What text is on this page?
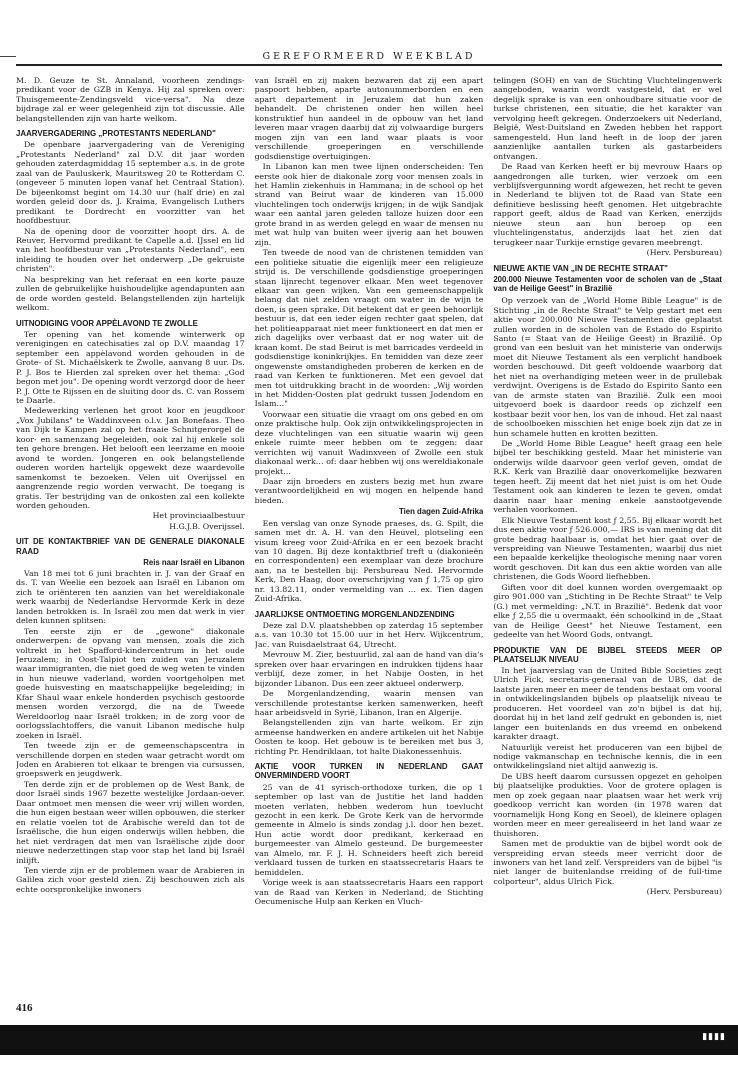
GEREFORMEERD WEEKBLAD

M. D. Geuze te St. Annaland, voorheen zendings-predikant voor de GZB in Kenya. Hij zal spreken over: Thuisgemeente-Zendingsveld vice-versa". Na deze bijdrage zal er weer gelegenheid zijn tot discussie. Alle belangstellenden zijn van harte welkom.

JAARVERGADERING „PROTESTANTS NEDERLAND"

De openbare jaarvergadering van de Vereniging „Protestants Nederland" zal D.V. dit jaar worden gehouden zaterdagmiddag 15 september a.s. in de grote zaal van de Pauluskerk, Mauritsweg 20 te Rotterdam C. (ongeveer 5 minuten lopen vanaf het Centraal Station). De bijeenkomst begint om 14.30 uur (half drie) en zal worden geleid door ds. J. Kraima, Evangelisch Luthers predikant te Dordrecht en voorzitter van het hoofdbestuur.

Na de opening door de voorzitter hoopt drs. A. de Reuver, Hervormd predikant te Capelle a.d. IJssel en lid van het hoofdbestuur van „Protestants Nederland", een inleiding te houden over het onderwerp „De gekruiste christen".

Na bespreking van het referaat en een korte pauze zullen de gebruikelijke huishoudelijke agendapunten aan de orde worden gesteld. Belangstellenden zijn hartelijk welkom.

UITNODIGING VOOR APPÈLAVOND TE ZWOLLE

Ter opening van het komende winterwerk op verenigingen en catechisaties zal op D.V. maandag 17 september een appèlavond worden gehouden in de Grote- of St. Michaëlskerk te Zwolle, aanvang 8 uur. Ds. P. J. Bos te Hierden zal spreken over het thema: „God begon met jou". De opening wordt verzorgd door de heer P. J. Otte te Rijssen en de sluiting door ds. C. van Rossem te Daarle.

Medewerking verlenen het groot koor en jeugdkoor „Vox Jubilans" te Waddinxveen o.l.v. Jan Bonefaas. Theo van Dijk te Kampen zal op het fraaie Schnitgerorgel de koor- en samenzang begeleiden, ook zal hij enkele soli ten gehore brengen. Het belooft een leerzame en mooie avond te worden. Jongeren en ook belangstellende ouderen worden hartelijk opgewekt deze waardevolle samenkomst te bezoeken. Velen uit Overijssel en aangrenzende regio worden verwacht. De toegang is gratis. Ter bestrijding van de onkosten zal een kollekte worden gehouden.

Het provinciaalbestuur

H.G.J.B. Overijssel.

UIT DE KONTAKTBRIEF VAN DE GENERALE DIAKONALE RAAD
Reis naar Israël en Libanon

Van 18 mei tot 6 juni brachten ir. J. van der Graaf en ds. T. van Weelie een bezoek aan Israël en Libanon om zich te oriënteren ten aanzien van het wereldiakonale werk waarbij de Nederlandse Hervormde Kerk in deze landen betrokken is. In Israël zou men dat werk in vier delen kunnen splitsen:

Ten eerste zijn er de „gewone" diakonale onderwerpen: de opvang van mensen, zoals die zich voltrekt in het Spafford-kindercentrum in het oude Jeruzalem; in Oost-Talpiot ten zuiden van Jeruzalem waar immigranten, die niet goed de weg weten te vinden in hun nieuwe vaderland, worden voortgeholpen met goede huisvesting en maatschappelijke begeleiding; in Kfar Shaul waar enkele honderden psychisch gestoorde mensen worden verzorgd, die na de Tweede Wereldoorlog naar Israël trokken; in de zorg voor de oorlogsslachtoffers, die vanuit Libanon medische hulp zoeken in Israël.

Ten tweede zijn er de gemeenschapscentra in verschillende dorpen en steden waar getracht wordt om Joden en Arabieren tot elkaar te brengen via cursussen, groepswerk en jeugdwerk.

Ten derde zijn er de problemen op de West Bank, de door Israël sinds 1967 bezette westelijke Jordaan-oever. Daar ontmoet men mensen die weer vrij willen worden, die hun eigen bestaan weer willen opbouwen, die sterker en relatie voelen tot de Arabische wereld dan tot de Israëlische, die hun eigen onderwijs willen hebben, die het niet verdragen dat men van Israëlische zijde door nieuwe nederzettingen stap voor stap het land bij Israël inlijft.

Ten vierde zijn er de problemen waar de Arabieren in Galilea zich voor gesteld zien. Zij beschouwen zich als echte oorspronkelijke inwoners

van Israël en zij maken bezwaren dat zij een apart paspoort hebben, aparte autonummerborden en een apart departement in Jeruzalem dat hun zaken behandelt. De christenen onder hen willen heel konstruktief hun aandeel in de opbouw van het land leveren maar vragen daarbij dat zij volwaardige burgers mogen zijn van een land waar plaats is voor verschillende groeperingen en verschillende godsdienstige overtuigingen.

In Libanon kan men twee lijnen onderscheiden: Ten eerste ook hier de diakonale zorg voor mensen zoals in het Hamlin ziekenhuis in Hammana; in de school op het strand van Beirut waar de kinderen van 15.000 vluchtelingen toch onderwijs krijgen; in de wijk Sandjak waar een aantal jaren geleden talloze huizen door een grote brand in as werden gelegd en waar de mensen nu met wat hulp van buiten weer ijverig aan het bouwen zijn.

Ten tweede de nood van de christenen temidden van een politieke situatie die eigenlijk meer een religieuze strijd is. De verschillende godsdienstige groeperingen staan lijnrecht tegenover elkaar. Men weet tegenover elkaar van geen wijken. Van een gemeenschappelijk belang dat niet zelden vraagt om water in de wijn te doen, is geen sprake. Dit betekent dat er geen behoorlijk bestuur is, dat een ieder eigen rechter gaat spelen, dat het politieapparaat niet meer funktioneert en dat men er zich dagelijks over verbaast dat er nog water uit de kraan komt. De stad Beirut is met barricades verdeeld in godsdienstige koninkrijkjes. En temidden van deze zeer ongewenste omstandigheden proberen de kerken en de raad van Kerken te funktioneren. Met een gevoel dat men tot uitdrukking bracht in de woorden: „Wij worden in het Midden-Oosten plat gedrukt tussen Jodendom en Islam…"

Voorwaar een situatie die vraagt om ons gebed en om onze praktische hulp. Ook zijn ontwikkelingsprojecten in deze vluchtelingen van een situatie waarin wij geen enkele ruimte meer hebben om te zeggen: daar verrichten wij vanuit Wadinxveen of Zwolle een stuk diakonaal werk… of: daar hebben wij ons wereldiakonale projekt…

Daar zijn broeders en zusters bezig met hun zware verantwoordelijkheid en wij mogen en helpende hand bieden.

Tien dagen Zuid-Afrika

Een verslag van onze Synode praeses, ds. G. Spilt, die samen met dr. A. H. van den Heuvel, plotseling een visum kreeg voor Zuid-Afrika en er een bezoek bracht van 10 dagen. Bij deze kontaktbrief treft u (diakonieën en correspondenten) een exemplaar van deze brochure aan, na te bestellen bij: Persbureau Ned. Hervormde Kerk, Den Haag, door overschrijving van ƒ 1,75 op giro nr. 13.82.11, onder vermelding van … ex. Tien dagen Zuid-Afrika.

JAARLIJKSE ONTMOETING MORGENLANDZENDING

Deze zal D.V. plaatshebben op zaterdag 15 september a.s. van 10.30 tot 15.00 uur in het Herv. Wijkcentrum, Jac. van Ruisdaelstraat 64, Utrecht.

Mevrouw M. Zier, bestuurlid, zal aan de hand van dia's spreken over haar ervaringen en indrukken tijdens haar verblijf, deze zomer, in het Nabije Oosten, in het bijzonder Libanon. Dus een zeer aktueel onderwerp.

De Morgenlandzending, waarin mensen van verschillende protestantse kerken samenwerken, heeft haar arbeidsveld in Syrië, Libanon, Iran en Algerije.

Belangstellenden zijn van harte welkom. Er zijn armeense handwerken en andere artikelen uit het Nabije Oosten te koop. Het gebouw is te bereiken met bus 3, richting Pr. Hendriklaan, tot halte Diakonessenhuis.

AKTIE VOOR TURKEN IN NEDERLAND GAAT ONVERMINDERD VOORT

25 van de 41 syrisch-orthodoxe turken, die op 1 september op last van de Justitie het land hadden moeten verlaten, hebben wederom hun toevlucht gezocht in een kerk. De Grote Kerk van de hervormde gemeente in Almelo is sinds zondag j.l. door hen bezet. Hun actie wordt door predikant, kerkeraad en burgemeester van Almelo gesteund. De burgemeester van Almelo, mr. F. J. H. Schneiders heeft zich bereid verklaard tussen de turken en staatssecretaris Haars te bemiddelen.

Vorige week is aan staatssecretaris Haars een rapport van de Raad van Kerken in Nederland, de Stichting Oecumenische Hulp aan Kerken en Vluch-

telingen (SOH) en van de Stichting Vluchtelingenwerk aangeboden, waarin wordt vastgesteld, dat er wel degelijk sprake is van een onhoudbare situatie voor de turkse christenen, een situatie, die het karakter van vervolging heeft gekregen. Onderzoekers uit Nederland, België, West-Duitsland en Zweden hebben het rapport samengesteld. Hun land heeft in de loop der jaren aanzienlijke aantallen turken als gastarbeiders ontvangen.

De Raad van Kerken heeft er bij mevrouw Haars op aangedrongen alle turken, wier verzoek om een verblijfsvergunning wordt afgewezen, het recht te geven in Nederland te blijven tot de Raad van State een definitieve beslissing heeft genomen. Het uitgebrachte rapport geeft, aldus de Raad van Kerken, enerzijds nieuwe steun aan hun beroep op een vluchtelingenstatus, anderzijds laat het zien dat terugkeer naar Turkije ernstige gevaren meebrengt.

(Herv. Persbureau)

NIEUWE AKTIE VAN „IN DE RECHTE STRAAT"
200.000 Nieuwe Testamenten voor de scholen van de „Staat van de Heilige Geest" in Brazilië

Op verzoek van de „World Home Bible League" is de Stichting „in de Rechte Straat" te Velp gestart met een aktie voor 200.000 Nieuwe Testamenten die geplaatst zullen worden in de scholen van de Estado do Espirito Santo (= Staat van de Heilige Geest) in Brazilië. Op grond van een besluit van het ministerie van onderwijs moet dit Nieuwe Testament als een verplicht handboek worden beschouwd. Dit geeft voldoende waarborg dat het niet na overhandiging meteen weer in de prullebak verdwijnt. Overigens is de Estado do Espirito Santo een van de armste staten van Brazilië. Zulk een mooi uitgevoerd boek is daardoor reeds op zichzelf een kostbaar bezit voor hen, los van de inhoud. Het zal naast de schoolboeken misschien het enige boek zijn dat ze in hun schamele hutten en krotten bezitten.

De „World Home Bible League" heeft graag een hele bijbel ter beschikking gesteld. Maar het ministerie van onderwijs wilde daarvoor geen verlof geven, omdat de R.K. Kerk van Brazilië daar onoverkomelijke bezwaren tegen heeft. Zij meent dat het niet juist is om het Oude Testament ook aan kinderen te lezen te geven, omdat daarin naar haar mening enkele aanstootgevende verhalen voorkomen.

Elk Nieuwe Testament kost ƒ 2,55. Bij elkaar wordt het dus een aktie voor ƒ 526.000,— IRS is van mening dat dit grote bedrag haalbaar is, omdat het hier gaat over de verspreiding van Nieuwe Testamenten, waarbij dus niet een bepaalde kerkelijke theologische mening naar voren wordt geschoven. Dit kan dus een aktie worden van alle christenen, die Gods Woord liefhebben.

Giften voor dit doel kunnen worden overgemaakt op giro 901.000 van „Stichting in De Rechte Straat" te Velp (G.) met vermelding: „N.T. in Brazilië". Bedenk dat voor elke ƒ 2,55 die u overmaakt, één schoolkind in de „Staat van de Heilige Geest" het Nieuwe Testament, een gedeelte van het Woord Gods, ontvangt.

PRODUKTIE VAN DE BIJBEL STEEDS MEER OP PLAATSELIJK NIVEAU

In het jaarverslag van de United Bible Societies zegt Ulrich Fick, secretaris-generaal van de UBS, dat de laatste jaren meer en meer de tendens bestaat om vooral in ontwikkelingslanden bijbels op plaatselijk niveau te produceren. Het voordeel van zo'n bijbel is dat hij, doordat hij in het land zelf gedrukt en gebonden is, niet langer een buitenlands en dus vreemd en onbekend karakter draagt.

Natuurlijk vereist het produceren van een bijbel de nodige vakmanschap en technische kennis, die in een ontwikkelingsland niet altijd aanwezig is.

De UBS heeft daarom cursussen opgezet en geholpen bij plaatselijke produkties. Voor de grotere oplagen is men op zoek gegaan naar plaatsen waar het werk vrij goedkoop verricht kan worden (in 1978 waren dat voornamelijk Hong Kong en Seoel), de kleinere oplagen worden meer en meer gerealiseerd in het land waar ze thuishoren.

Samen met de produktie van de bijbel wordt ook de verspreiding ervan steeds meer verricht door de inwoners van het land zelf. Verspreiders van de bijbel "is niet langer de buitenlandse rreiding of de full-time colporteur", aldus Ulrich Fick.

(Herv. Persbureau)

416
▮▮▮▮
